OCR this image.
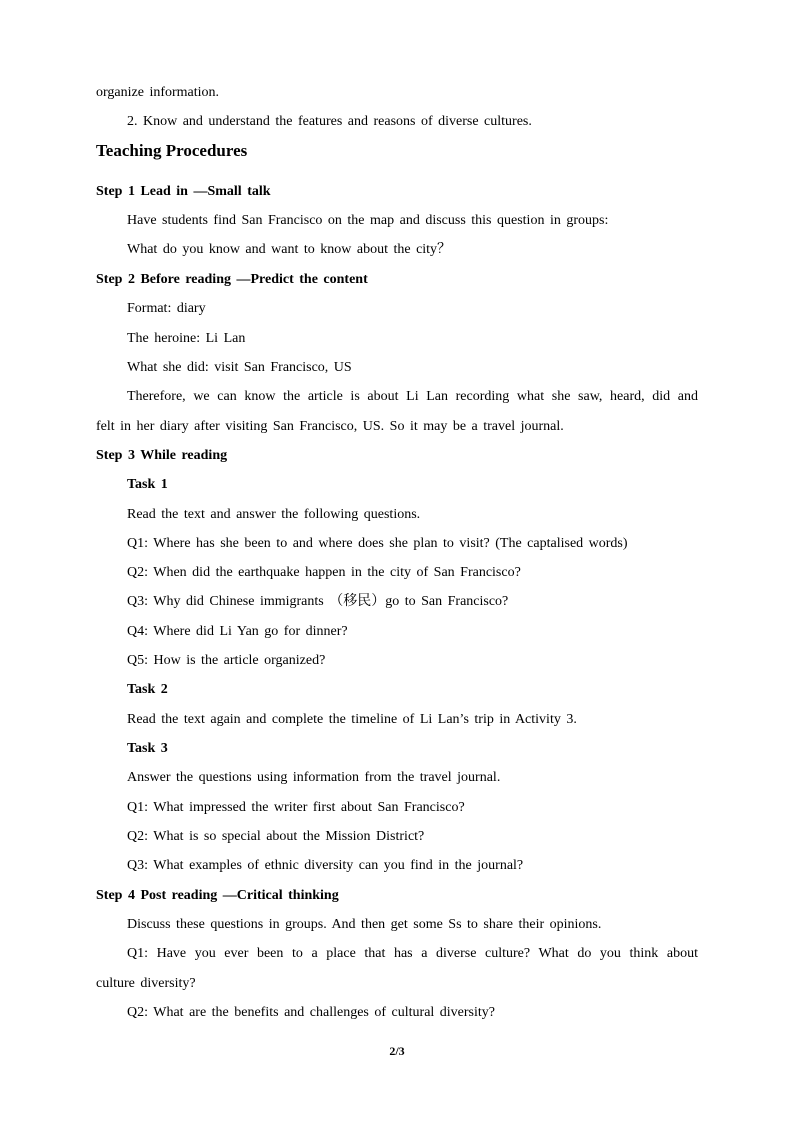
organize information.
2. Know and understand the features and reasons of diverse cultures.
Teaching Procedures
Step 1 Lead in —Small talk
Have students find San Francisco on the map and discuss this question in groups:
What do you know and want to know about the city？
Step 2 Before reading —Predict the content
Format: diary
The heroine: Li Lan
What she did: visit San Francisco, US
Therefore, we can know the article is about Li Lan recording what she saw, heard, did and
felt in her diary after visiting San Francisco, US. So it may be a travel journal.
Step 3 While reading
Task 1
Read the text and answer the following questions.
Q1: Where has she been to and where does she plan to visit? (The captalised words)
Q2: When did the earthquake happen in the city of San Francisco?
Q3: Why did Chinese immigrants （移民）go to San Francisco?
Q4: Where did Li Yan go for dinner?
Q5: How is the article organized?
Task 2
Read the text again and complete the timeline of Li Lan’s trip in Activity 3.
Task 3
Answer the questions using information from the travel journal.
Q1: What impressed the writer first about San Francisco?
Q2: What is so special about the Mission District?
Q3: What examples of ethnic diversity can you find in the journal?
Step 4 Post reading —Critical thinking
Discuss these questions in groups. And then get some Ss to share their opinions.
Q1: Have you ever been to a place that has a diverse culture? What do you think about
culture diversity?
Q2: What are the benefits and challenges of cultural diversity?
2/3
